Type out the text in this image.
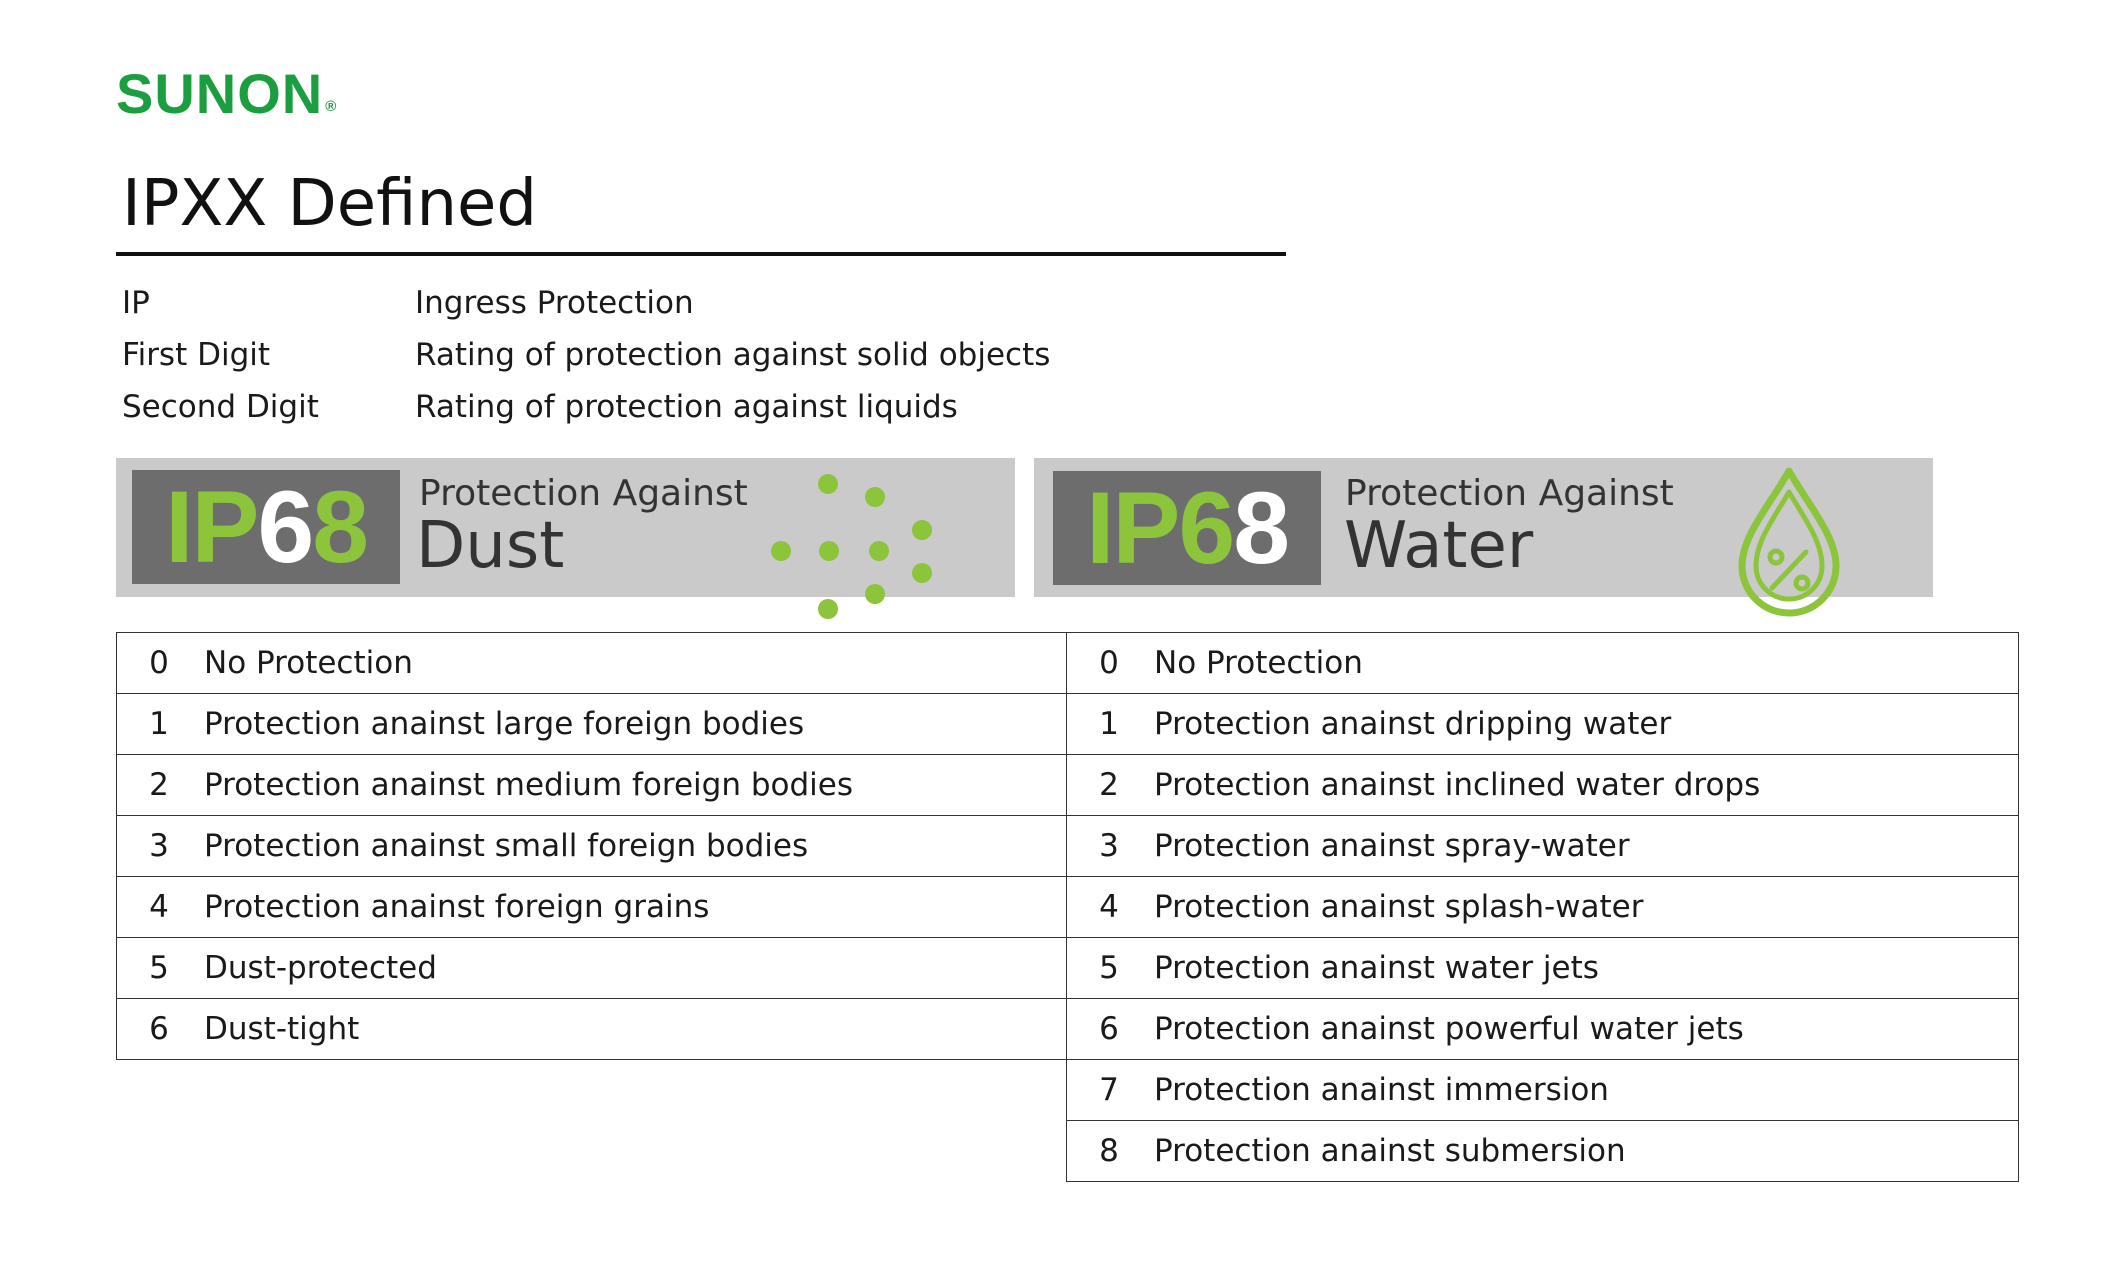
SUNON ®
IPXX Defined
IP	Ingress Protection
First Digit	Rating of protection against solid objects
Second Digit	Rating of protection against liquids
IP68	Protection Against
Dust	IP68	Protection Against
Water
0	No Protection

1	Protection anainst large foreign bodies

2	Protection anainst medium foreign bodies

3	Protection anainst small foreign bodies

4	Protection anainst foreign grains

5	Dust-protected

6	Dust-tight
0	No Protection

1	Protection anainst dripping water

2	Protection anainst inclined water drops

3	Protection anainst spray-water

4	Protection anainst splash-water

5	Protection anainst water jets

6	Protection anainst powerful water jets

7	Protection anainst immersion

8	Protection anainst submersion
